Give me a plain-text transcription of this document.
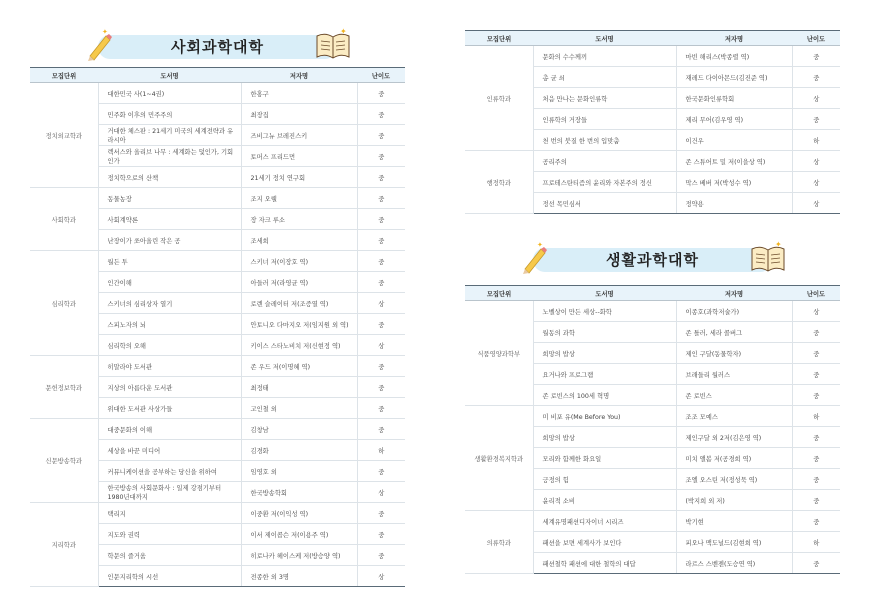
✦
사회과학대학
✦
모집단위	도서명	저자명	난이도
정치외교학과	대한민국 사(1~4권)	한홍구	중
	민주화 이후의 민주주의	최장집	중
	거대한 체스판 : 21세기 미국의 세계전략과 유라시아	즈비그뉴 브레진스키	중
	렉서스와 올리브 나무 : 세계화는 덫인가, 기회인가	토머스 프리드먼	중
	정치학으로의 산책	21세기 정치 연구회	중
사회학과	동물농장	조지 오웰	중
	사회계약론	장 자크 루소	중
	난장이가 쏘아올린 작은 공	조세희	중
심리학과	월든 투	스키너 저(이장호 역)	중
	인간이해	아들러 저(라영균 역)	중
	스키너의 심리상자 열기	로렌 슬레이터 저(조증열 역)	상
	스피노자의 뇌	안토니오 다마지오 저(임지원 외 역)	중
	심리학의 오해	키이스 스타노비치 저(신현정 역)	상
문헌정보학과	히말라야 도서관	존 우드 저(이명혜 역)	중
	지상의 아름다운 도서관	최정태	중
	위대한 도서관 사상가들	고인철 외	중
신문방송학과	대중문화의 이해	김창남	중
	세상을 바꾼 미디어	김경화	하
	커뮤니케이션을 공부하는 당신을 위하여	임영호 외	중
	한국방송의 사회문화사 : 일제 강점기부터 1980년대까지	한국방송학회	상
지리학과	택리지	이중환 저(이익성 역)	중
	지도와 권력	이서 제이콥슨 저(이용주 역)	중
	학문의 즐거움	히로나카 헤이스케 저(방승양 역)	중
	인문지리학의 시선	전종한 외 3명	상
모집단위	도서명	저자명	난이도
인류학과	문화의 수수께끼	마빈 해리스(박종렬 역)	중
	총 균 쇠	재레드 다이아몬드(김진준 역)	중
	처음 만나는 문화인류학	한국문화인류학회	상
	인류학의 거장들	제리 무어(김우영 역)	중
	천 번의 붓질 한 번의 입맞춤	이건우	하
행정학과	공리주의	존 스튜어트 밀 저(이을상 역)	상
	프로테스탄티즘의 윤리와 자본주의 정신	막스 베버 저(박성수 역)	상
	정선 목민심서	정약용	상
✦
생활과학대학
✦
모집단위	도서명	저자명	난이도
식품영양과학부	노벨상이 만든 세상--화학	이종호(과학저술가)	상
	월동의 과학	존 틀러, 세라 콜버그	중
	희망의 밥상	제인 구달(동물학자)	중
	요거나와 프로그램	브래들리 월러스	중
	존 로빈스의 100세 혁명	존 로빈스	중
생활환경복지학과	미 비포 유(Me Before You)	조조 모예스	하
	희망의 밥상	제인구달 외 2저(김은영 역)	중
	모리와 함께한 화요일	미치 앨봄 저(공경희 역)	중
	긍정의 힘	조엘 오스틴 저(정성묵 역)	중
	윤리적 소비	(박지희 외 저)	중
의류학과	세계유명패션디자이너 시리즈	박기현	중
	패션을 보면 세계사가 보인다	피오나 맥도널드(김현희 역)	하
	패션철학 패션에 대한 철학의 대답	라르스 스벤젠(도승연 역)	중
